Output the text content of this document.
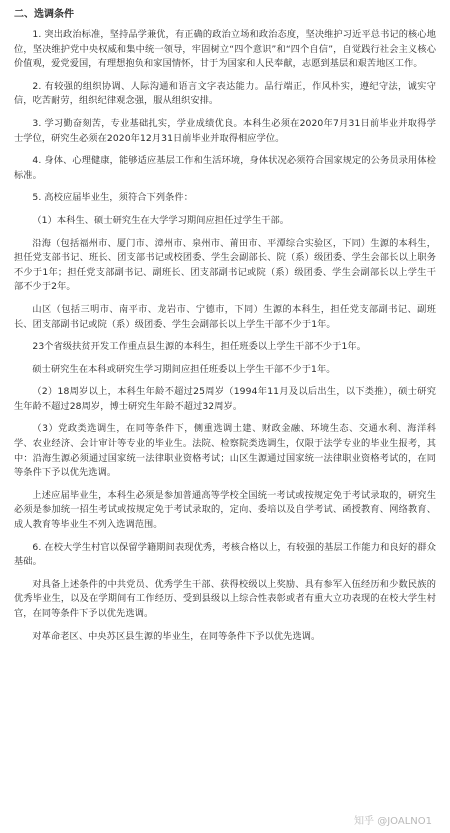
二、选调条件

1. 突出政治标准，坚持品学兼优，有正确的政治立场和政治态度，坚决维护习近平总书记的核心地位，坚决维护党中央权威和集中统一领导，牢固树立“四个意识”和“四个自信”，自觉践行社会主义核心价值观，爱党爱国，有理想抱负和家国情怀，甘于为国家和人民奉献，志愿到基层和艰苦地区工作。

2. 有较强的组织协调、人际沟通和语言文字表达能力。品行端正，作风朴实，遵纪守法，诚实守信，吃苦耐劳，组织纪律观念强，服从组织安排。

3. 学习勤奋刻苦，专业基础扎实，学业成绩优良。本科生必须在2020年7月31日前毕业并取得学士学位，研究生必须在2020年12月31日前毕业并取得相应学位。

4. 身体、心理健康，能够适应基层工作和生活环境，身体状况必须符合国家规定的公务员录用体检标准。

5. 高校应届毕业生，须符合下列条件：

（1）本科生、硕士研究生在大学学习期间应担任过学生干部。

沿海（包括福州市、厦门市、漳州市、泉州市、莆田市、平潭综合实验区，下同）生源的本科生，担任党支部书记、班长、团支部书记或校团委、学生会副部长、院（系）级团委、学生会部长以上职务不少于1年；担任党支部副书记、副班长、团支部副书记或院（系）级团委、学生会副部长以上学生干部不少于2年。

山区（包括三明市、南平市、龙岩市、宁德市，下同）生源的本科生，担任党支部副书记、副班长、团支部副书记或院（系）级团委、学生会副部长以上学生干部不少于1年。

23个省级扶贫开发工作重点县生源的本科生，担任班委以上学生干部不少于1年。

硕士研究生在本科或研究生学习期间应担任班委以上学生干部不少于1年。

（2）18周岁以上，本科生年龄不超过25周岁（1994年11月及以后出生，以下类推），硕士研究生年龄不超过28周岁，博士研究生年龄不超过32周岁。

（3）党政类选调生，在同等条件下，侧重选调土建、财政金融、环境生态、交通水利、海洋科学、农业经济、会计审计等专业的毕业生。法院、检察院类选调生，仅限于法学专业的毕业生报考，其中：沿海生源必须通过国家统一法律职业资格考试；山区生源通过国家统一法律职业资格考试的，在同等条件下予以优先选调。

上述应届毕业生，本科生必须是参加普通高等学校全国统一考试或按规定免于考试录取的，研究生必须是参加统一招生考试或按规定免于考试录取的，定向、委培以及自学考试、函授教育、网络教育、成人教育等毕业生不列入选调范围。

6. 在校大学生村官以保留学籍期间表现优秀，考核合格以上，有较强的基层工作能力和良好的群众基础。

对具备上述条件的中共党员、优秀学生干部、获得校级以上奖励、具有参军入伍经历和少数民族的优秀毕业生，以及在学期间有工作经历、受到县级以上综合性表彰或者有重大立功表现的在校大学生村官，在同等条件下予以优先选调。

对革命老区、中央苏区县生源的毕业生，在同等条件下予以优先选调。

知乎 @JOALNO1
